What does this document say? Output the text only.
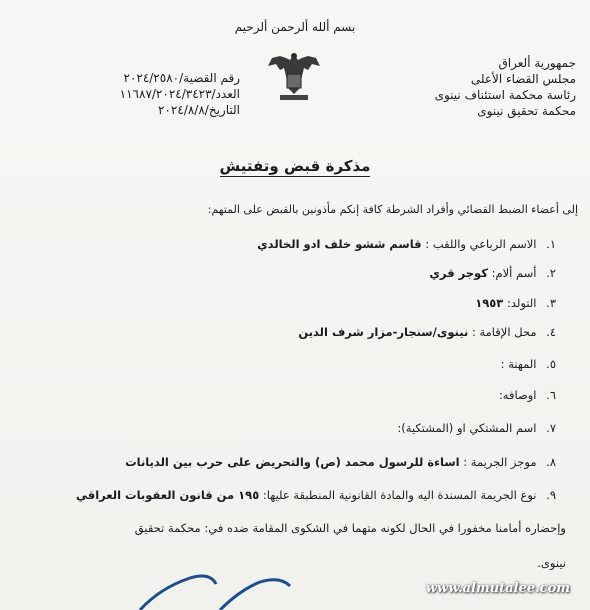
بسم ألله ألرحمن ألرحيم
جمهورية ألعراق
مجلس القضاء الأعلى
رئاسة محكمة استئناف نينوى
محكمة تحقيق نينوى
رقم القضية/٢٠٢٤/٢٥٨٠
العدد/١١٦٨٧/٢٠٢٤/٣٤٢٣
التاريخ/٢٠٢٤/٨/٨
مذكرة قبض وتفتيش
إلى أعضاء الضبط القضائي وأفراد الشرطة كافة إنكم مأذونين بالقبض على المتهم:
١. الاسم الرباعي واللقب : قاسم ششو خلف ادو الخالدي
٢. أسم ألام: كوجر قري
٣. التولد: ١٩٥٣
٤. محل الإقامة : نينوى/سنجار-مزار شرف الدين
٥. المهنة :
٦. اوصافه:
٧. اسم المشتكي او (المشتكية):
٨. موجز الجريمة : اساءة للرسول محمد (ص) والتحريض على حرب بين الديانات
٩. نوع الجريمة المسندة اليه والمادة القانونية المنطبقة عليها: ١٩٥ من قانون العقوبات العراقي
وإحضاره أمامنا مخفورا في الحال لكونه متهما في الشكوى المقامة ضده في: محكمة تحقيق
نينوى.
www.almutalee.com
